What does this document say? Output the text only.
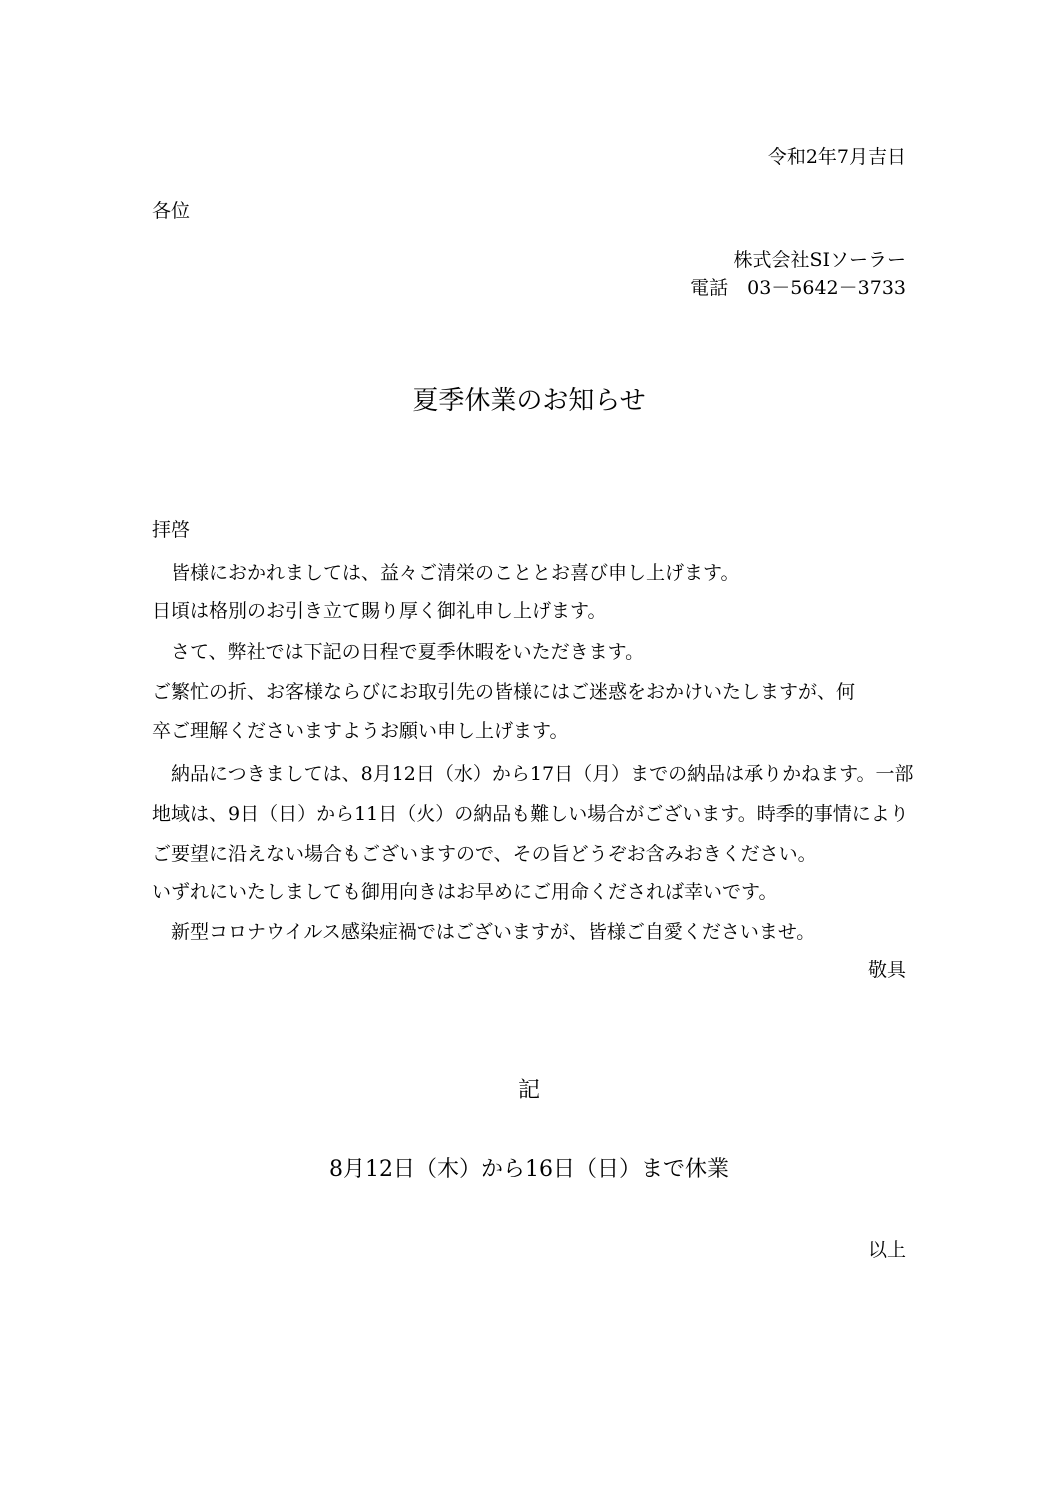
令和2年7月吉日
各位
株式会社SIソーラー
電話　03－5642－3733
夏季休業のお知らせ
拝啓
　皆様におかれましては、益々ご清栄のこととお喜び申し上げます。
日頃は格別のお引き立て賜り厚く御礼申し上げます。
　さて、弊社では下記の日程で夏季休暇をいただきます。
ご繁忙の折、お客様ならびにお取引先の皆様にはご迷惑をおかけいたしますが、何
卒ご理解くださいますようお願い申し上げます。
　納品につきましては、8月12日（水）から17日（月）までの納品は承りかねます。一部
地域は、9日（日）から11日（火）の納品も難しい場合がございます。時季的事情により
ご要望に沿えない場合もございますので、その旨どうぞお含みおきください。
いずれにいたしましても御用向きはお早めにご用命くだされば幸いです。
　新型コロナウイルス感染症禍ではございますが、皆様ご自愛くださいませ。
敬具
記
8月12日（木）から16日（日）まで休業
以上
